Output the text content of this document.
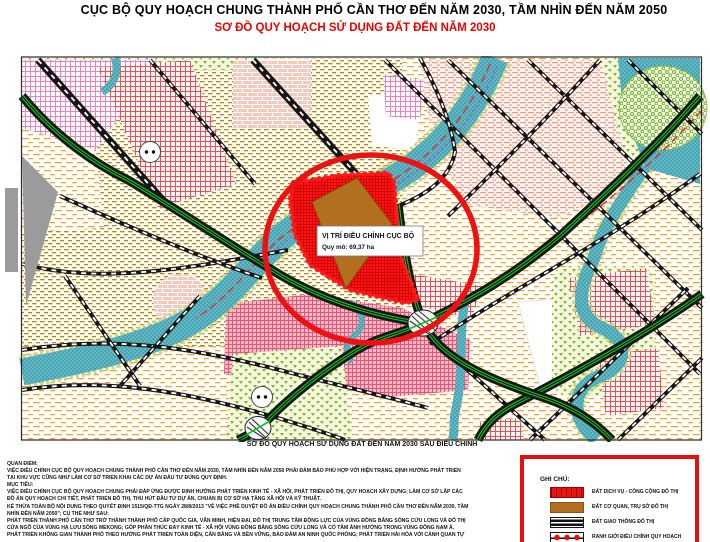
CỤC BỘ QUY HOẠCH CHUNG THÀNH PHỐ CẦN THƠ ĐẾN NĂM 2030, TẦM NHÌN ĐẾN NĂM 2050
SƠ ĐỒ QUY HOẠCH SỬ DỤNG ĐẤT ĐẾN NĂM 2030
VỊ TRÍ ĐIỀU CHỈNH CỤC BỘ
Quy mô: 69,37 ha
SƠ ĐỒ QUY HOẠCH SỬ DỤNG ĐẤT ĐẾN NĂM 2030 SAU ĐIỀU CHỈNH
QUAN ĐIỂM:
VIỆC ĐIỀU CHỈNH CỤC BỘ QUY HOẠCH CHUNG THÀNH PHỐ CẦN THƠ ĐẾN NĂM 2030, TẦM NHÌN ĐẾN NĂM 2050 PHẢI ĐẢM BẢO PHÙ HỢP VỚI HIỆN TRẠNG, ĐỊNH HƯỚNG PHÁT TRIỂN
TẠI KHU VỰC CŨNG NHƯ LÀM CƠ SỞ TRIỂN KHAI CÁC DỰ ÁN ĐẦU TƯ ĐÚNG QUY ĐỊNH.
MỤC TIÊU:
VIỆC ĐIỀU CHỈNH CỤC BỘ QUY HOẠCH CHUNG PHẢI ĐÁP ỨNG ĐƯỢC ĐỊNH HƯỚNG PHÁT TRIỂN KINH TẾ - XÃ HỘI, PHÁT TRIỂN ĐÔ THỊ, QUY HOẠCH XÂY DỰNG; LÀM CƠ SỞ LẬP CÁC
ĐỒ ÁN QUY HOẠCH CHI TIẾT, PHÁT TRIỂN ĐÔ THỊ, THU HÚT ĐẦU TƯ DỰ ÁN, CHUẨN BỊ CƠ SỞ HẠ TẦNG XÃ HỘI VÀ KỸ THUẬT.
KẾ THỪA TOÀN BỘ NỘI DUNG THEO QUYẾT ĐỊNH 1515/QĐ-TTG NGÀY 28/8/2013 "VỀ VIỆC PHÊ DUYỆT ĐỒ ÁN ĐIỀU CHỈNH QUY HOẠCH CHUNG THÀNH PHỐ CẦN THƠ ĐẾN NĂM 2030, TẦM
NHÌN ĐẾN NĂM 2050"; CỤ THỂ NHƯ SAU:
PHÁT TRIỂN THÀNH PHỐ CẦN THƠ TRỞ THÀNH THÀNH PHỐ CẤP QUỐC GIA, VĂN MINH, HIỆN ĐẠI, ĐÔ THỊ TRUNG TÂM ĐỘNG LỰC CỦA VÙNG ĐỒNG BẰNG SÔNG CỬU LONG VÀ ĐÔ THỊ
CỬA NGÕ CỦA VÙNG HẠ LƯU SÔNG MEKONG; GÓP PHẦN THÚC ĐẨY KINH TẾ - XÃ HỘI VÙNG ĐỒNG BẰNG SÔNG CỬU LONG VÀ CÓ TẦM ẢNH HƯỞNG TRONG VÙNG ĐÔNG NAM Á.
PHÁT TRIỂN KHÔNG GIAN THÀNH PHỐ THEO HƯỚNG PHÁT TRIỂN TOÀN DIỆN, CÂN BẰNG VÀ BỀN VỮNG, BẢO ĐẢM AN NINH QUỐC PHÒNG; PHÁT TRIỂN HÀI HÒA VỚI CẢNH QUAN TỰ
GHI CHÚ:
ĐẤT DỊCH VỤ - CÔNG CỘNG ĐÔ THỊ
ĐẤT CƠ QUAN, TRỤ SỞ ĐÔ THỊ
ĐẤT GIAO THÔNG ĐÔ THỊ
RANH GIỚI ĐIỀU CHỈNH QUY HOẠCH
